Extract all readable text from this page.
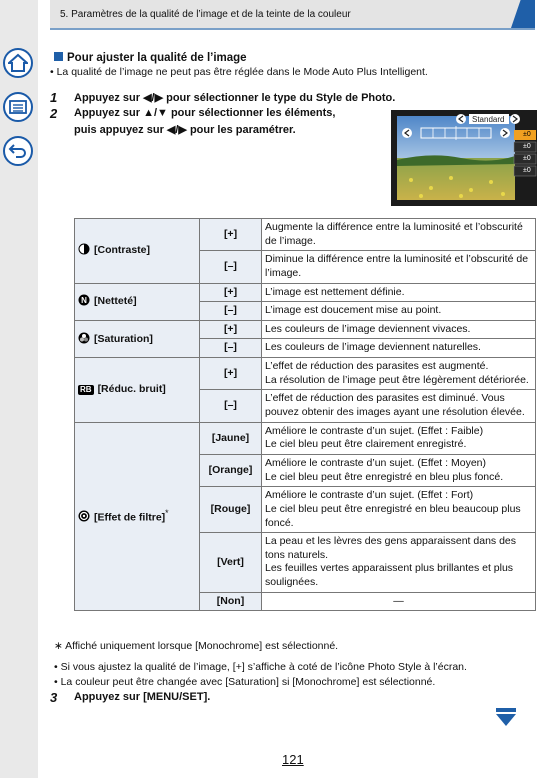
5. Paramètres de la qualité de l’image et de la teinte de la couleur
Pour ajuster la qualité de l’image
• La qualité de l’image ne peut pas être réglée dans le Mode Auto Plus Intelligent.
1 Appuyez sur ◀/▶ pour sélectionner le type du Style de Photo.
2 Appuyez sur ▲/▼ pour sélectionner les éléments,
puis appuyez sur ◀/▶ pour les paramétrer.
Standard
±0
±0
±0
±0
[Contraste]	[+]	Augmente la différence entre la luminosité et l’obscurité de l’image.
	[–]	Diminue la différence entre la luminosité et l’obscurité de l’image.

N [Netteté]	[+]	L’image est nettement définie.
	[–]	L’image est doucement mise au point.
[Saturation]	[+]	Les couleurs de l’image deviennent vivaces.
	[–]	Les couleurs de l’image deviennent naturelles.
RB [Réduc. bruit]	[+]	L’effet de réduction des parasites est augmenté.
La résolution de l’image peut être légèrement détériorée.
	[–]	L’effet de réduction des parasites est diminué. Vous pouvez obtenir des images ayant une résolution élevée.
[Effet de filtre]*	[Jaune]	Améliore le contraste d’un sujet. (Effet : Faible)
Le ciel bleu peut être clairement enregistré.
	[Orange]	Améliore le contraste d’un sujet. (Effet : Moyen)
Le ciel bleu peut être enregistré en bleu plus foncé.
	[Rouge]	Améliore le contraste d’un sujet. (Effet : Fort)
Le ciel bleu peut être enregistré en bleu beaucoup plus foncé.
	[Vert]	La peau et les lèvres des gens apparaissent dans des tons naturels.
Les feuilles vertes apparaissent plus brillantes et plus soulignées.
	[Non]	—
∗ Affiché uniquement lorsque [Monochrome] est sélectionné.
• Si vous ajustez la qualité de l’image, [+] s’affiche à coté de l’icône Photo Style à l’écran.
• La couleur peut être changée avec [Saturation] si [Monochrome] est sélectionné.
3 Appuyez sur [MENU/SET].
121
